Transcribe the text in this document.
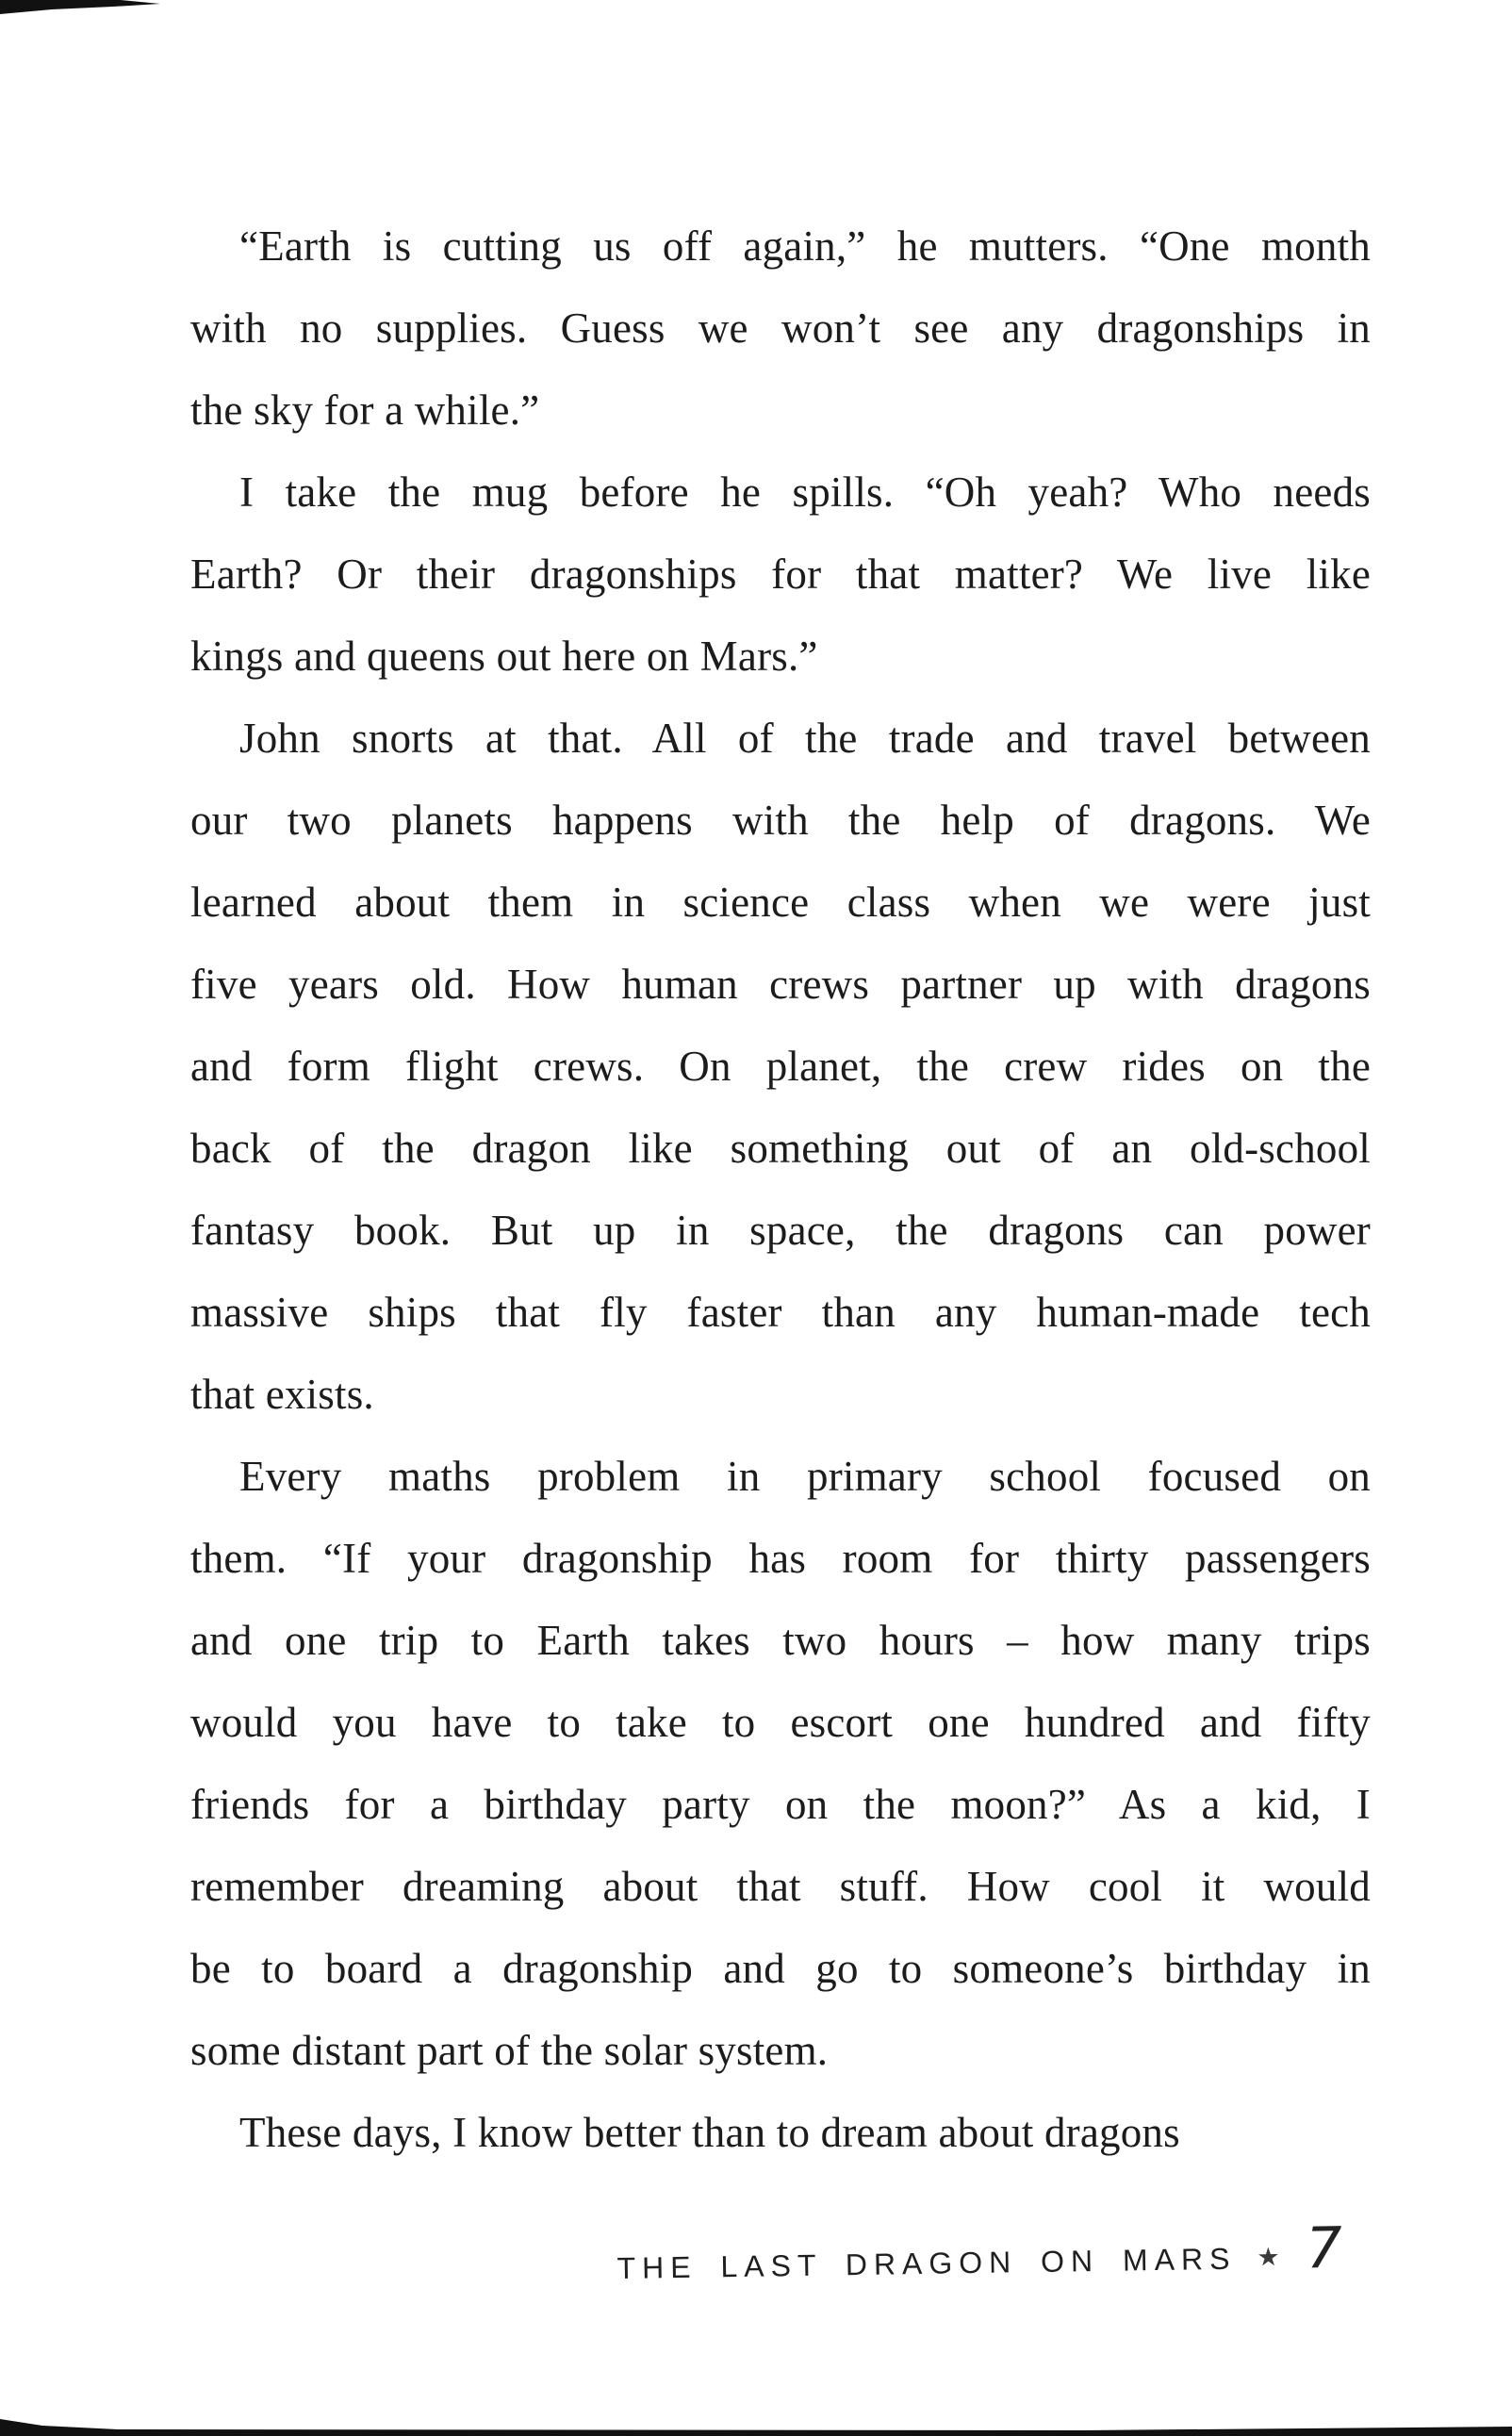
“Earth is cutting us off again,” he mutters. “One month
with no supplies. Guess we won’t see any dragonships in
the sky for a while.”
I take the mug before he spills. “Oh yeah? Who needs
Earth? Or their dragonships for that matter? We live like
kings and queens out here on Mars.”
John snorts at that. All of the trade and travel between
our two planets happens with the help of dragons. We
learned about them in science class when we were just
five years old. How human crews partner up with dragons
and form flight crews. On planet, the crew rides on the
back of the dragon like something out of an old-school
fantasy book. But up in space, the dragons can power
massive ships that fly faster than any human-made tech
that exists.
Every maths problem in primary school focused on
them. “If your dragonship has room for thirty passengers
and one trip to Earth takes two hours – how many trips
would you have to take to escort one hundred and fifty
friends for a birthday party on the moon?” As a kid, I
remember dreaming about that stuff. How cool it would
be to board a dragonship and go to someone’s birthday in
some distant part of the solar system.
These days, I know better than to dream about dragons
THE LAST DRAGON ON MARS ★ 7
